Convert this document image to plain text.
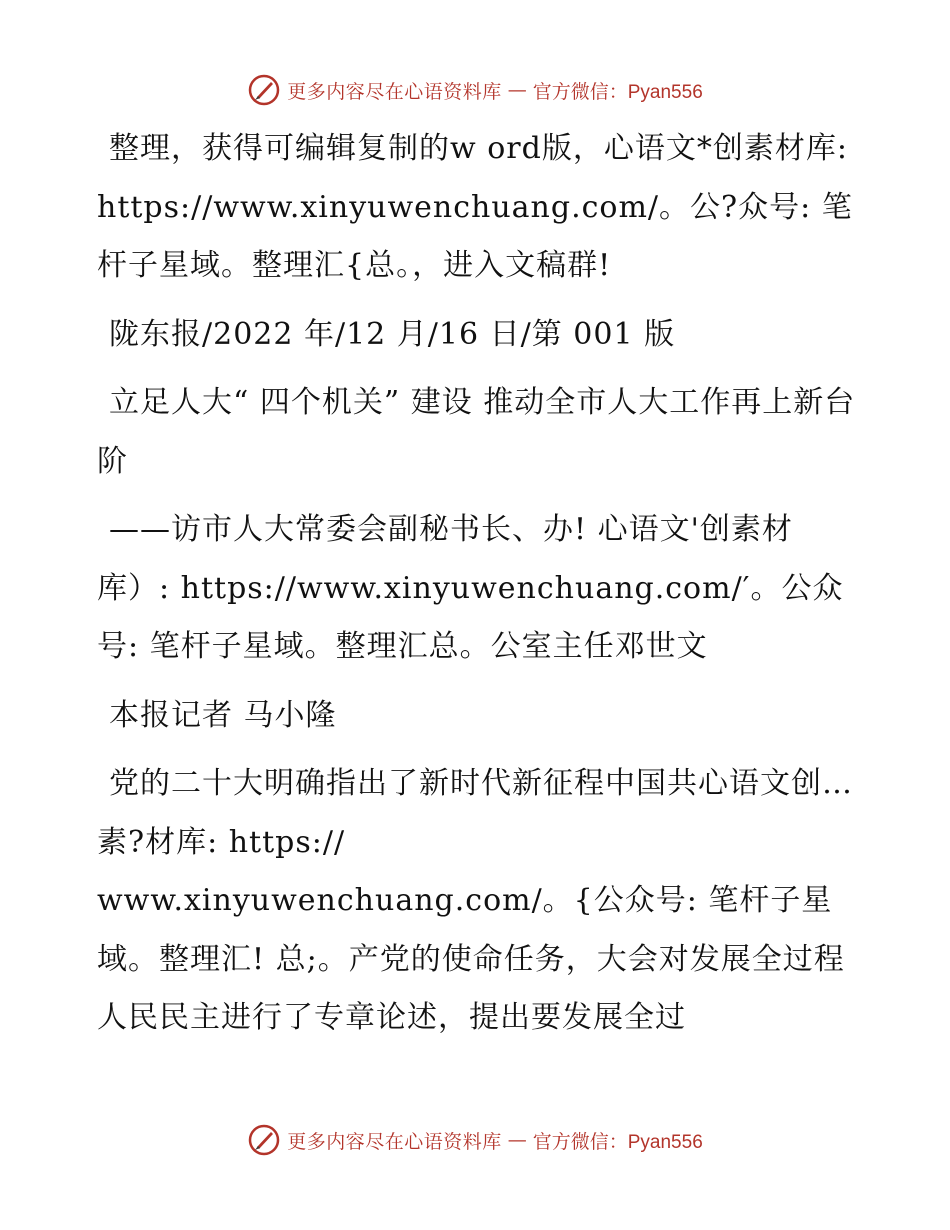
更多内容尽在心语资料库 — 官方微信：Pyan556

整理，获得可编辑复制的w ord版，心语文*创素材库: https://www.xinyuwenchuang.com/。公?众号: 笔杆子星域。整理汇{总。，进入文稿群!

陇东报/2022 年/12 月/16 日/第 001 版

立足人大“ 四个机关” 建设 推动全市人大工作再上新台阶

——访市人大常委会副秘书长、办! 心语文'创素材库）: https://www.xinyuwenchuang.com/′。公众号: 笔杆子星域。整理汇总。公室主任邓世文

本报记者 马小隆

党的二十大明确指出了新时代新征程中国共心语文创…素?材库: https://

www.xinyuwenchuang.com/。{公众号: 笔杆子星域。整理汇! 总;。产党的使命任务，大会对发展全过程人民民主进行了专章论述，提出要发展全过

更多内容尽在心语资料库 — 官方微信：Pyan556
